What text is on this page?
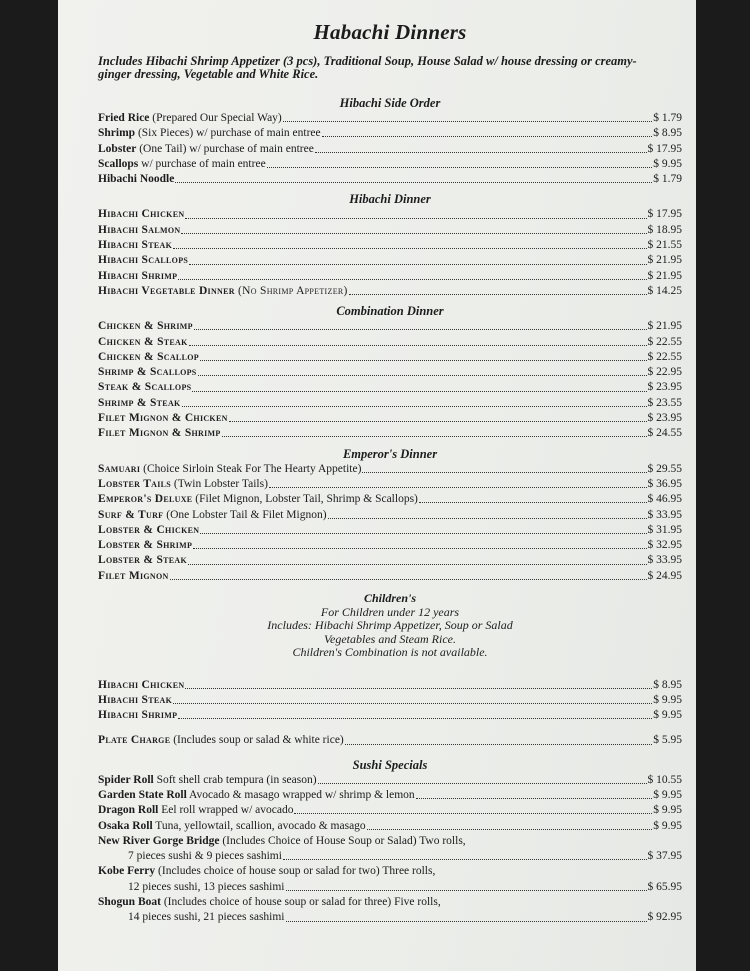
Habachi Dinners

Includes Hibachi Shrimp Appetizer (3 pcs), Traditional Soup, House Salad w/ house dressing or creamy-ginger dressing, Vegetable and White Rice.

Hibachi Side Order

Fried Rice (Prepared Our Special Way)	$ 1.79
Shrimp (Six Pieces) w/ purchase of main entree	$ 8.95
Lobster (One Tail) w/ purchase of main entree	$ 17.95
Scallops w/ purchase of main entree	$ 9.95
Hibachi Noodle	$ 1.79

Hibachi Dinner

Hibachi Chicken	$ 17.95
Hibachi Salmon	$ 18.95
Hibachi Steak	$ 21.55
Hibachi Scallops	$ 21.95
Hibachi Shrimp	$ 21.95
Hibachi Vegetable Dinner (No Shrimp Appetizer)	$ 14.25

Combination Dinner

Chicken & Shrimp	$ 21.95
Chicken & Steak	$ 22.55
Chicken & Scallop	$ 22.55
Shrimp & Scallops	$ 22.95
Steak & Scallops	$ 23.95
Shrimp & Steak	$ 23.55
Filet Mignon & Chicken	$ 23.95
Filet Mignon & Shrimp	$ 24.55

Emperor's Dinner

Samuari (Choice Sirloin Steak For The Hearty Appetite)	$ 29.55
Lobster Tails (Twin Lobster Tails)	$ 36.95
Emperor's Deluxe (Filet Mignon, Lobster Tail, Shrimp & Scallops)	$ 46.95
Surf & Turf (One Lobster Tail & Filet Mignon)	$ 33.95
Lobster & Chicken	$ 31.95
Lobster & Shrimp	$ 32.95
Lobster & Steak	$ 33.95
Filet Mignon	$ 24.95
Children's
For Children under 12 years
Includes: Hibachi Shrimp Appetizer, Soup or Salad
Vegetables and Steam Rice.
Children's Combination is not available.
Hibachi Chicken	$ 8.95
Hibachi Steak	$ 9.95
Hibachi Shrimp	$ 9.95
Plate Charge (Includes soup or salad & white rice)	$ 5.95

Sushi Specials

Spider Roll Soft shell crab tempura (in season)	$ 10.55
Garden State Roll Avocado & masago wrapped w/ shrimp & lemon	$ 9.95
Dragon Roll Eel roll wrapped w/ avocado	$ 9.95
Osaka Roll Tuna, yellowtail, scallion, avocado & masago	$ 9.95
New River Gorge Bridge (Includes Choice of House Soup or Salad) Two rolls,
7 pieces sushi & 9 pieces sashimi	$ 37.95
Kobe Ferry (Includes choice of house soup or salad for two) Three rolls,
12 pieces sushi, 13 pieces sashimi	$ 65.95
Shogun Boat (Includes choice of house soup or salad for three) Five rolls,
14 pieces sushi, 21 pieces sashimi	$ 92.95
